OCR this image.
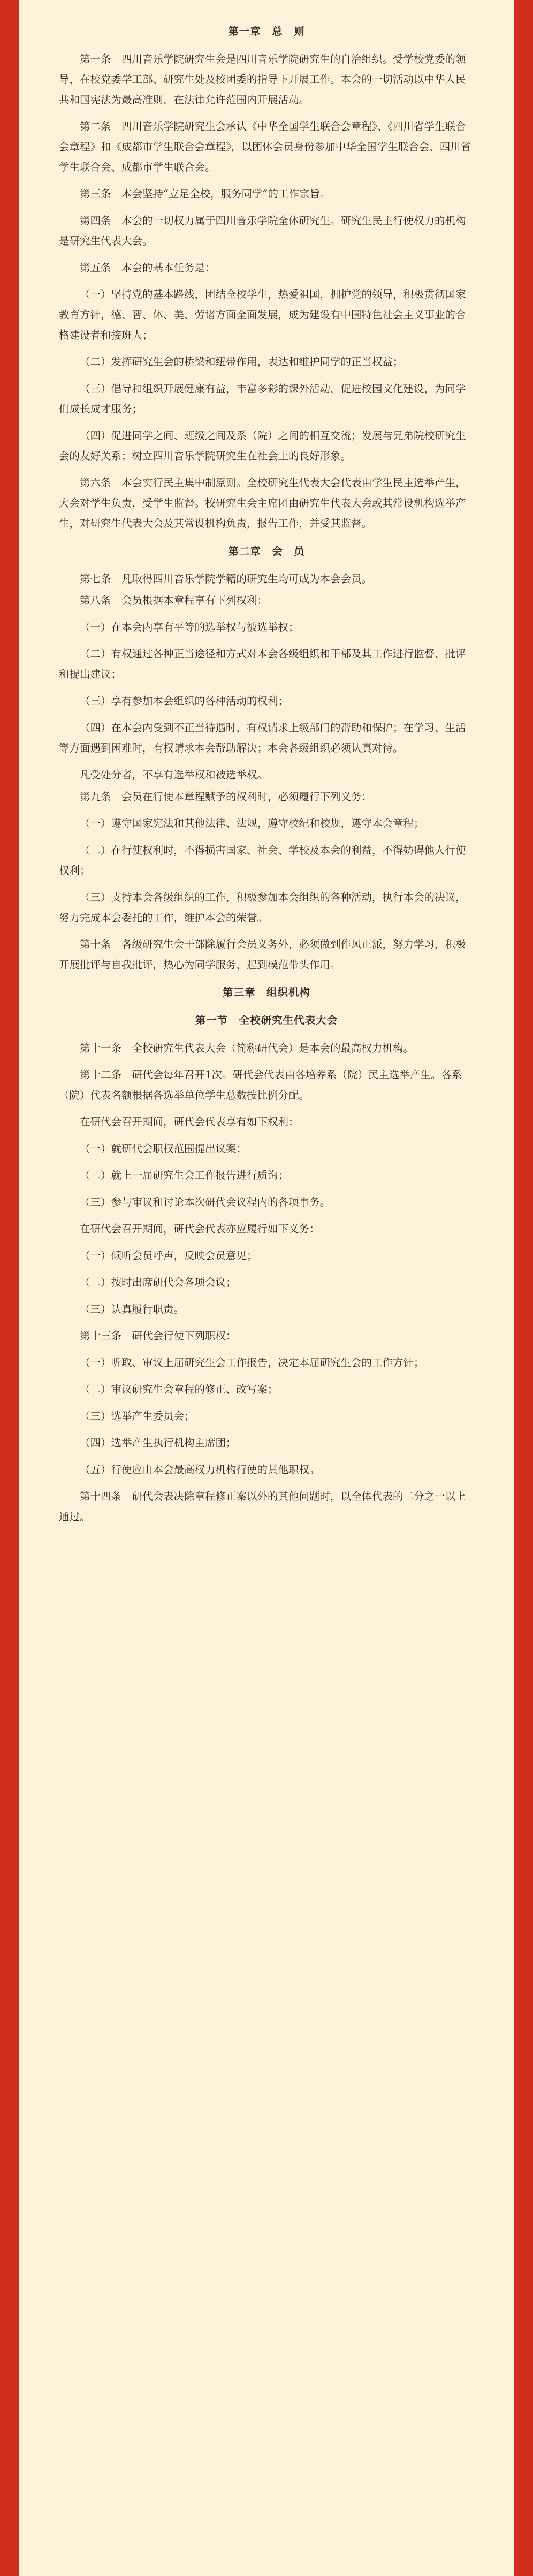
第一章　总　则

第一条　四川音乐学院研究生会是四川音乐学院研究生的自治组织。受学校党委的领导，在校党委学工部、研究生处及校团委的指导下开展工作。本会的一切活动以中华人民共和国宪法为最高准则，在法律允许范围内开展活动。

第二条　四川音乐学院研究生会承认《中华全国学生联合会章程》、《四川省学生联合会章程》和《成都市学生联合会章程》，以团体会员身份参加中华全国学生联合会、四川省学生联合会、成都市学生联合会。

第三条　本会坚持“立足全校，服务同学”的工作宗旨。

第四条　本会的一切权力属于四川音乐学院全体研究生。研究生民主行使权力的机构是研究生代表大会。

第五条　本会的基本任务是：

（一）坚持党的基本路线，团结全校学生，热爱祖国，拥护党的领导，积极贯彻国家教育方针，德、智、体、美、劳诸方面全面发展，成为建设有中国特色社会主义事业的合格建设者和接班人；

（二）发挥研究生会的桥梁和纽带作用，表达和维护同学的正当权益；

（三）倡导和组织开展健康有益，丰富多彩的课外活动，促进校园文化建设，为同学们成长成才服务；

（四）促进同学之间、班级之间及系（院）之间的相互交流；发展与兄弟院校研究生会的友好关系；树立四川音乐学院研究生在社会上的良好形象。

第六条　本会实行民主集中制原则。全校研究生代表大会代表由学生民主选举产生，大会对学生负责，受学生监督。校研究生会主席团由研究生代表大会或其常设机构选举产生，对研究生代表大会及其常设机构负责，报告工作，并受其监督。

第二章　会　员

第七条　凡取得四川音乐学院学籍的研究生均可成为本会会员。

第八条　会员根据本章程享有下列权利：

（一）在本会内享有平等的选举权与被选举权；

（二）有权通过各种正当途径和方式对本会各级组织和干部及其工作进行监督、批评和提出建议；

（三）享有参加本会组织的各种活动的权利；

（四）在本会内受到不正当待遇时，有权请求上级部门的帮助和保护；在学习、生活等方面遇到困难时，有权请求本会帮助解决；本会各级组织必须认真对待。

凡受处分者，不享有选举权和被选举权。

第九条　会员在行使本章程赋予的权利时，必须履行下列义务：

（一）遵守国家宪法和其他法律、法规，遵守校纪和校规，遵守本会章程；

（二）在行使权利时，不得损害国家、社会、学校及本会的利益，不得妨碍他人行使权利；

（三）支持本会各级组织的工作，积极参加本会组织的各种活动，执行本会的决议，努力完成本会委托的工作，维护本会的荣誉。

第十条　各级研究生会干部除履行会员义务外，必须做到作风正派，努力学习，积极开展批评与自我批评，热心为同学服务，起到模范带头作用。

第三章　组织机构
第一节　全校研究生代表大会

第十一条　全校研究生代表大会（简称研代会）是本会的最高权力机构。

第十二条　研代会每年召开1次。研代会代表由各培养系（院）民主选举产生。各系（院）代表名额根据各选举单位学生总数按比例分配。

在研代会召开期间，研代会代表享有如下权利：

（一）就研代会职权范围提出议案；

（二）就上一届研究生会工作报告进行质询；

（三）参与审议和讨论本次研代会议程内的各项事务。

在研代会召开期间，研代会代表亦应履行如下义务：

（一）倾听会员呼声，反映会员意见；

（二）按时出席研代会各项会议；

（三）认真履行职责。

第十三条　研代会行使下列职权：

（一）听取、审议上届研究生会工作报告，决定本届研究生会的工作方针；

（二）审议研究生会章程的修正、改写案；

（三）选举产生委员会；

（四）选举产生执行机构主席团；

（五）行使应由本会最高权力机构行使的其他职权。

第十四条　研代会表决除章程修正案以外的其他问题时，以全体代表的二分之一以上通过。
